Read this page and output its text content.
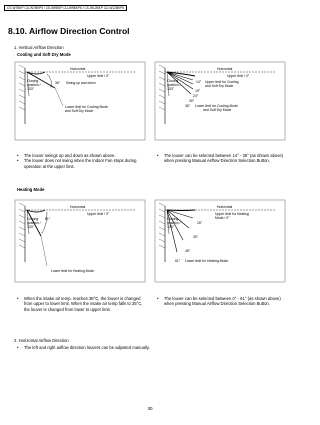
CS-W7BKP CU-W7BKP5 / CS-W9BKP CU-W9BKP5 / CS-W12BKP CU-W12BKP5
8.10. Airflow Direction Control
1. Vertical Airflow Direction
Cooling and Soft Dry Mode
Horizontal
Upper limit / 0°
Closing
position /
133°
36° Swing up and down
Lower limit for Cooling Mode
and Soft Dry Mode
Horizontal
Upper limit / 0°
Closing
position /
133°
14° Upper limit for Cooling
and Soft Dry Mode
19°
24°
30°
36° Lower limit for Cooling Mode
and Soft Dry Mode
• The louver swings up and down as shown above.
• The louver does not swing when the Indoor Fan stops during operation at the upper limit.
• The louver can be selected between 14° - 36° (as shown above) when pressing Manual Airflow Direction Selection Button.
Heating Mode
Horizontal
Upper limit / 0°
Closing
position /
133°
61°
Lower limit for Heating Mode
Horizontal
Upper limit for Heating
Mode / 0°
Closing
position /
133°
15°
30°
45°
61° Lower limit for Heating Mode
• When the intake air temp. reaches 38°C, the louver is changed from upper to lower limit. When the intake air temp falls to 35°C, the louver is changed from lower to upper limit.
• The louver can be selected between 0° - 61° (as shown above) when pressing Manual Airflow Direction Selection Button.
2. Horizontal Airflow Direction
• The left and right airflow direction louvers can be adjusted manually.
30
